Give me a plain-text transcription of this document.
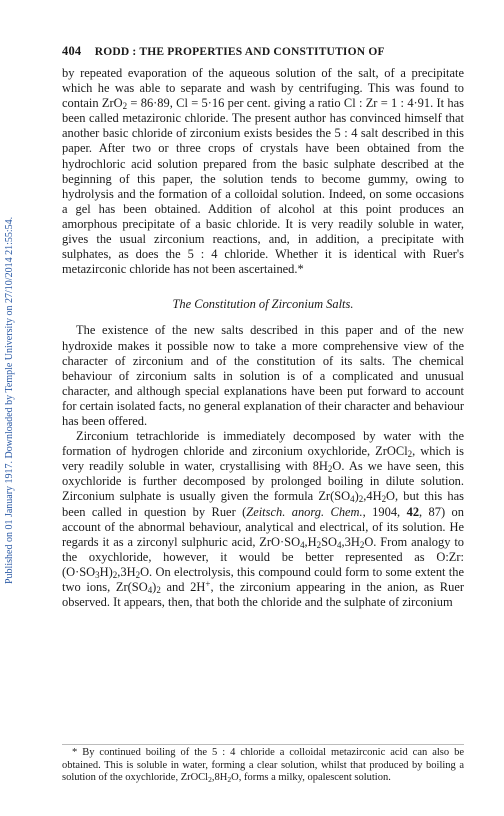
404 RODD : THE PROPERTIES AND CONSTITUTION OF
Published on 01 January 1917. Downloaded by Temple University on 27/10/2014 21:55:54.

by repeated evaporation of the aqueous solution of the salt, of a precipitate which he was able to separate and wash by centrifuging. This was found to contain ZrO$_2$ = 86·89, Cl = 5·16 per cent. giving a ratio Cl : Zr = 1 : 4·91. It has been called metazironic chloride. The present author has convinced himself that another basic chloride of zirconium exists besides the 5 : 4 salt described in this paper. After two or three crops of crystals have been obtained from the hydrochloric acid solution prepared from the basic sulphate described at the beginning of this paper, the solution tends to become gummy, owing to hydrolysis and the formation of a colloidal solution. Indeed, on some occasions a gel has been obtained. Addition of alcohol at this point produces an amorphous precipitate of a basic chloride. It is very readily soluble in water, gives the usual zirconium reactions, and, in addition, a precipitate with sulphates, as does the 5 : 4 chloride. Whether it is identical with Ruer's metazirconic chloride has not been ascertained.*

The Constitution of Zirconium Salts.

The existence of the new salts described in this paper and of the new hydroxide makes it possible now to take a more comprehensive view of the character of zirconium and of the constitution of its salts. The chemical behaviour of zirconium salts in solution is of a complicated and unusual character, and although special explanations have been put forward to account for certain isolated facts, no general explanation of their character and behaviour has been offered.

Zirconium tetrachloride is immediately decomposed by water with the formation of hydrogen chloride and zirconium oxychloride, ZrOCl$_2$, which is very readily soluble in water, crystallising with $8H_2O$. As we have seen, this oxychloride is further decomposed by prolonged boiling in dilute solution. Zirconium sulphate is usually given the formula $Zr(SO_4)_2,4H_2O$, but this has been called in question by Ruer (Zeitsch. anorg. Chem., 1904, 42, 87) on account of the abnormal behaviour, analytical and electrical, of its solution. He regards it as a zirconyl sulphuric acid, $ZrO\cdot SO_4,H_2SO_4,3H_2O$. From analogy to the oxychloride, however, it would be better represented as $O:Zr:(O\cdot SO_3H)_2,3H_2O$. On electrolysis, this compound could form to some extent the two ions, $Zr(SO_4)_2$ and 2H+, the zirconium appearing in the anion, as Ruer observed. It appears, then, that both the chloride and the sulphate of zirconium

* By continued boiling of the 5 : 4 chloride a colloidal metazirconic acid can also be obtained. This is soluble in water, forming a clear solution, whilst that produced by boiling a solution of the oxychloride, $ZrOCl_2,8H_2O$, forms a milky, opalescent solution.
